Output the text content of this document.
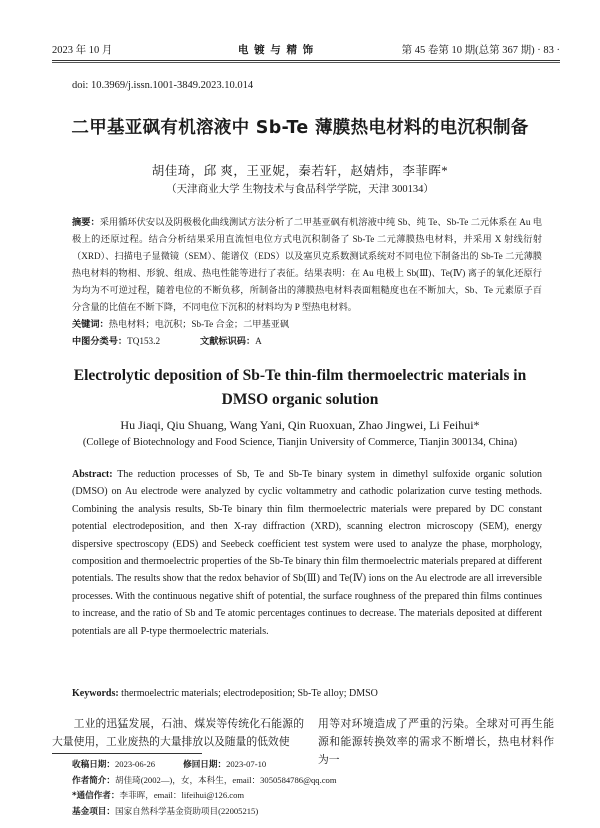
2023 年 10 月	电 镀 与 精 饰	第 45 卷第 10 期(总第 367 期) · 83 ·
doi: 10.3969/j.issn.1001-3849.2023.10.014
二甲基亚砜有机溶液中 Sb-Te 薄膜热电材料的电沉积制备
胡佳琦，邱 爽，王亚妮，秦若轩，赵婧炜，李菲晖*
（天津商业大学 生物技术与食品科学学院，天津 300134）
摘要：采用循环伏安以及阴极极化曲线测试方法分析了二甲基亚砜有机溶液中纯 Sb、纯 Te、Sb-Te 二元体系在 Au 电极上的还原过程。结合分析结果采用直流恒电位方式电沉积制备了 Sb-Te 二元薄膜热电材料，并采用 X 射线衍射（XRD）、扫描电子显微镜（SEM）、能谱仪（EDS）以及塞贝克系数测试系统对不同电位下制备出的 Sb-Te 二元薄膜热电材料的物相、形貌、组成、热电性能等进行了表征。结果表明：在 Au 电极上 Sb(Ⅲ)、Te(Ⅳ) 离子的氧化还原行为均为不可逆过程，随着电位的不断负移，所制备出的薄膜热电材料表面粗糙度也在不断加大，Sb、Te 元素原子百分含量的比值在不断下降，不同电位下沉积的材料均为 P 型热电材料。
关键词：热电材料；电沉积；Sb-Te 合金；二甲基亚砜
中图分类号：TQ153.2	文献标识码：A
Electrolytic deposition of Sb-Te thin-film thermoelectric materials in DMSO organic solution
Hu Jiaqi, Qiu Shuang, Wang Yani, Qin Ruoxuan, Zhao Jingwei, Li Feihui*
(College of Biotechnology and Food Science, Tianjin University of Commerce, Tianjin 300134, China)
Abstract: The reduction processes of Sb, Te and Sb-Te binary system in dimethyl sulfoxide organic solution (DMSO) on Au electrode were analyzed by cyclic voltammetry and cathodic polarization curve testing methods. Combining the analysis results, Sb-Te binary thin film thermoelectric materials were prepared by DC constant potential electrodeposition, and then X-ray diffraction (XRD), scanning electron microscopy (SEM), energy dispersive spectroscopy (EDS) and Seebeck coefficient test system were used to analyze the phase, morphology, composition and thermoelectric properties of the Sb-Te binary thin film thermoelectric materials prepared at different potentials. The results show that the redox behavior of Sb(Ⅲ) and Te(Ⅳ) ions on the Au electrode are all irreversible processes. With the continuous negative shift of potential, the surface roughness of the prepared thin films continues to increase, and the ratio of Sb and Te atomic percentages continues to decrease. The materials deposited at different potentials are all P-type thermoelectric materials.
Keywords: thermoelectric materials; electrodeposition; Sb-Te alloy; DMSO
工业的迅猛发展，石油、煤炭等传统化石能源的大量使用，工业废热的大量排放以及随量的低效使
用等对环境造成了严重的污染。全球对可再生能源和能源转换效率的需求不断增长，热电材料作为一
收稿日期：2023-06-26	修回日期：2023-07-10
作者简介：胡佳琦(2002—)，女，本科生，email：3050584786@qq.com
*通信作者：李菲晖，email：lifeihui@126.com
基金项目：国家自然科学基金资助项目(22005215)
